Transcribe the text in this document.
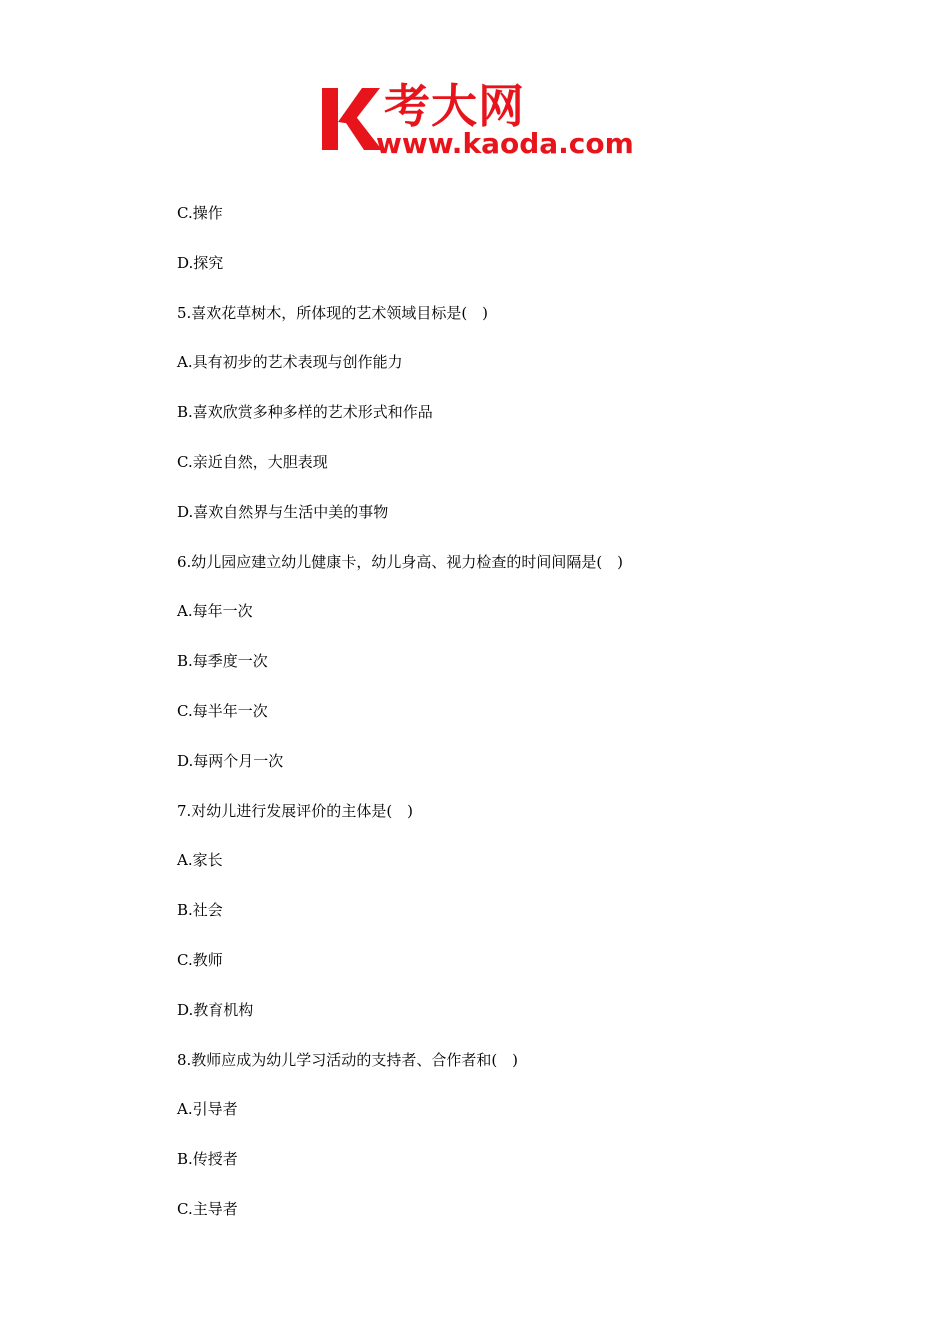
考大网
www.kaoda.com
C.操作
D.探究
5.喜欢花草树木，所体现的艺术领域目标是(　)
A.具有初步的艺术表现与创作能力
B.喜欢欣赏多种多样的艺术形式和作品
C.亲近自然，大胆表现
D.喜欢自然界与生活中美的事物
6.幼儿园应建立幼儿健康卡，幼儿身高、视力检查的时间间隔是(　)
A.每年一次
B.每季度一次
C.每半年一次
D.每两个月一次
7.对幼儿进行发展评价的主体是(　)
A.家长
B.社会
C.教师
D.教育机构
8.教师应成为幼儿学习活动的支持者、合作者和(　)
A.引导者
B.传授者
C.主导者
